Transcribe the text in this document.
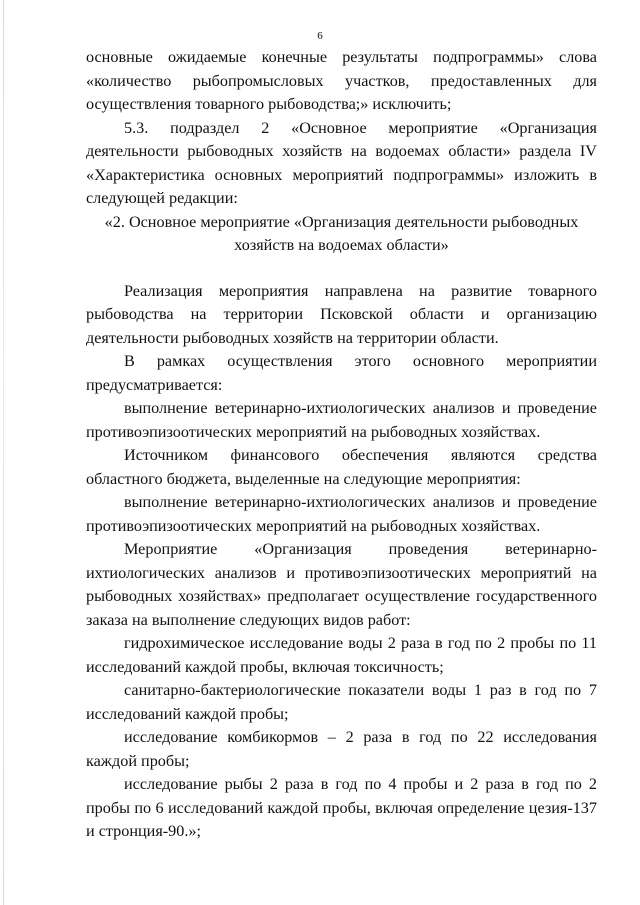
6

основные ожидаемые конечные результаты подпрограммы» слова «количество рыбопромысловых участков, предоставленных для осуществления товарного рыбоводства;» исключить;

5.3. подраздел 2 «Основное мероприятие «Организация деятельности рыбоводных хозяйств на водоемах области» раздела IV «Характеристика основных мероприятий подпрограммы» изложить в следующей редакции:

«2. Основное мероприятие «Организация деятельности рыбоводных
хозяйств на водоемах области»

Реализация мероприятия направлена на развитие товарного рыбоводства на территории Псковской области и организацию деятельности рыбоводных хозяйств на территории области.

В рамках осуществления этого основного мероприятии предусматривается:

выполнение ветеринарно-ихтиологических анализов и проведение противоэпизоотических мероприятий на рыбоводных хозяйствах.

Источником финансового обеспечения являются средства областного бюджета, выделенные на следующие мероприятия:

выполнение ветеринарно-ихтиологических анализов и проведение противоэпизоотических мероприятий на рыбоводных хозяйствах.

Мероприятие «Организация проведения ветеринарно-ихтиологических анализов и противоэпизоотических мероприятий на рыбоводных хозяйствах» предполагает осуществление государственного заказа на выполнение следующих видов работ:

гидрохимическое исследование воды 2 раза в год по 2 пробы по 11 исследований каждой пробы, включая токсичность;

санитарно-бактериологические показатели воды 1 раз в год по 7 исследований каждой пробы;

исследование комбикормов – 2 раза в год по 22 исследования каждой пробы;

исследование рыбы 2 раза в год по 4 пробы и 2 раза в год по 2 пробы по 6 исследований каждой пробы, включая определение цезия-137 и стронция-90.»;
